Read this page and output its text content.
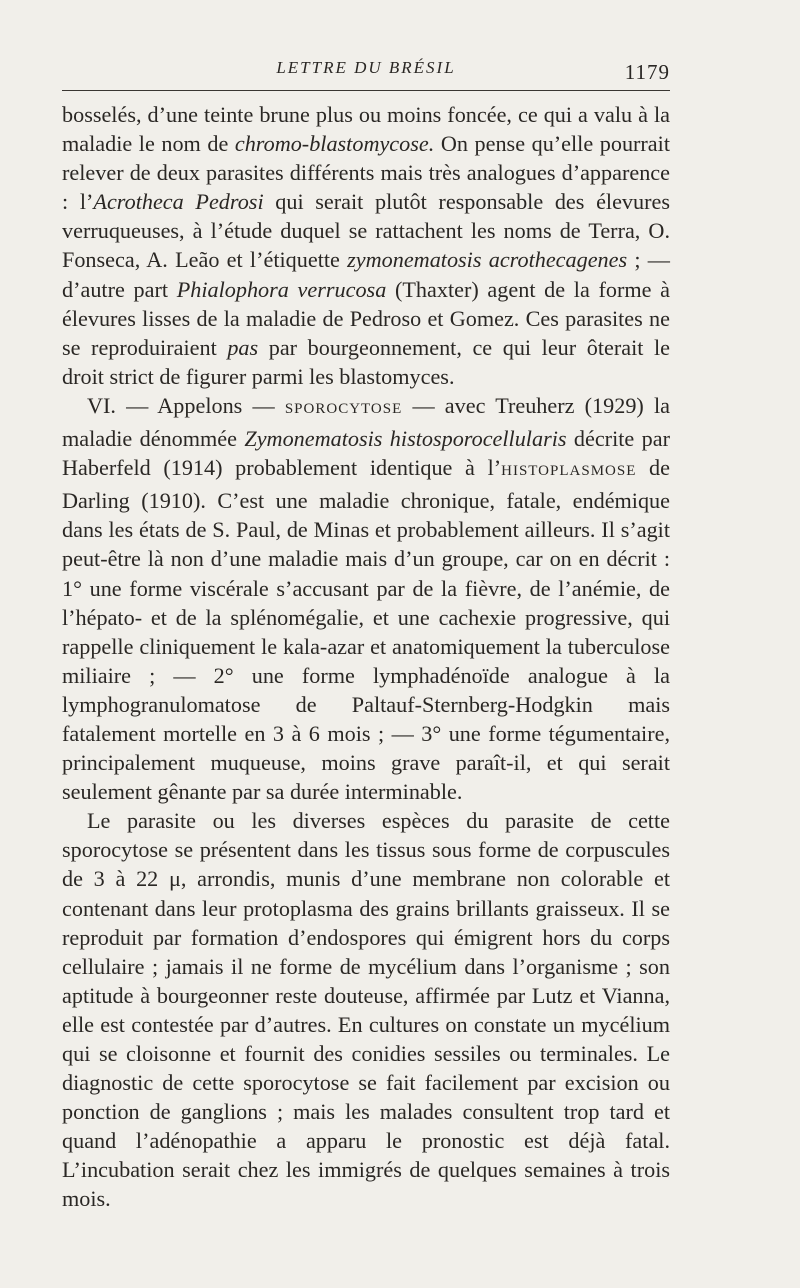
LETTRE DU BRÉSIL	1179

bosselés, d’une teinte brune plus ou moins foncée, ce qui a valu à la maladie le nom de chromo-blastomycose. On pense qu’elle pourrait relever de deux parasites différents mais très analogues d’apparence : l’Acrotheca Pedrosi qui serait plutôt responsable des élevures verruqueuses, à l’étude duquel se rattachent les noms de Terra, O. Fonseca, A. Leão et l’étiquette zymonematosis acrothecagenes ; — d’autre part Phialophora verrucosa (Thaxter) agent de la forme à élevures lisses de la maladie de Pedroso et Gomez. Ces parasites ne se reproduiraient pas par bourgeonnement, ce qui leur ôterait le droit strict de figurer parmi les blastomyces.

VI. — Appelons — SPOROCYTOSE — avec Treuherz (1929) la maladie dénommée Zymonematosis histosporocellularis décrite par Haberfeld (1914) probablement identique à l’HISTOPLASMOSE de Darling (1910). C’est une maladie chronique, fatale, endémique dans les états de S. Paul, de Minas et probablement ailleurs. Il s’agit peut-être là non d’une maladie mais d’un groupe, car on en décrit : 1° une forme viscérale s’accusant par de la fièvre, de l’anémie, de l’hépato- et de la splénomégalie, et une cachexie progressive, qui rappelle cliniquement le kala-azar et anatomiquement la tuberculose miliaire ; — 2° une forme lymphadénoïde analogue à la lymphogranulomatose de Paltauf-Sternberg-Hodgkin mais fatalement mortelle en 3 à 6 mois ; — 3° une forme tégumentaire, principalement muqueuse, moins grave paraît-il, et qui serait seulement gênante par sa durée interminable.

Le parasite ou les diverses espèces du parasite de cette sporocytose se présentent dans les tissus sous forme de corpuscules de 3 à 22 μ, arrondis, munis d’une membrane non colorable et contenant dans leur protoplasma des grains brillants graisseux. Il se reproduit par formation d’endospores qui émigrent hors du corps cellulaire ; jamais il ne forme de mycélium dans l’organisme ; son aptitude à bourgeonner reste douteuse, affirmée par Lutz et Vianna, elle est contestée par d’autres. En cultures on constate un mycélium qui se cloisonne et fournit des conidies sessiles ou terminales. Le diagnostic de cette sporocytose se fait facilement par excision ou ponction de ganglions ; mais les malades consultent trop tard et quand l’adénopathie a apparu le pronostic est déjà fatal. L’incubation serait chez les immigrés de quelques semaines à trois mois.
